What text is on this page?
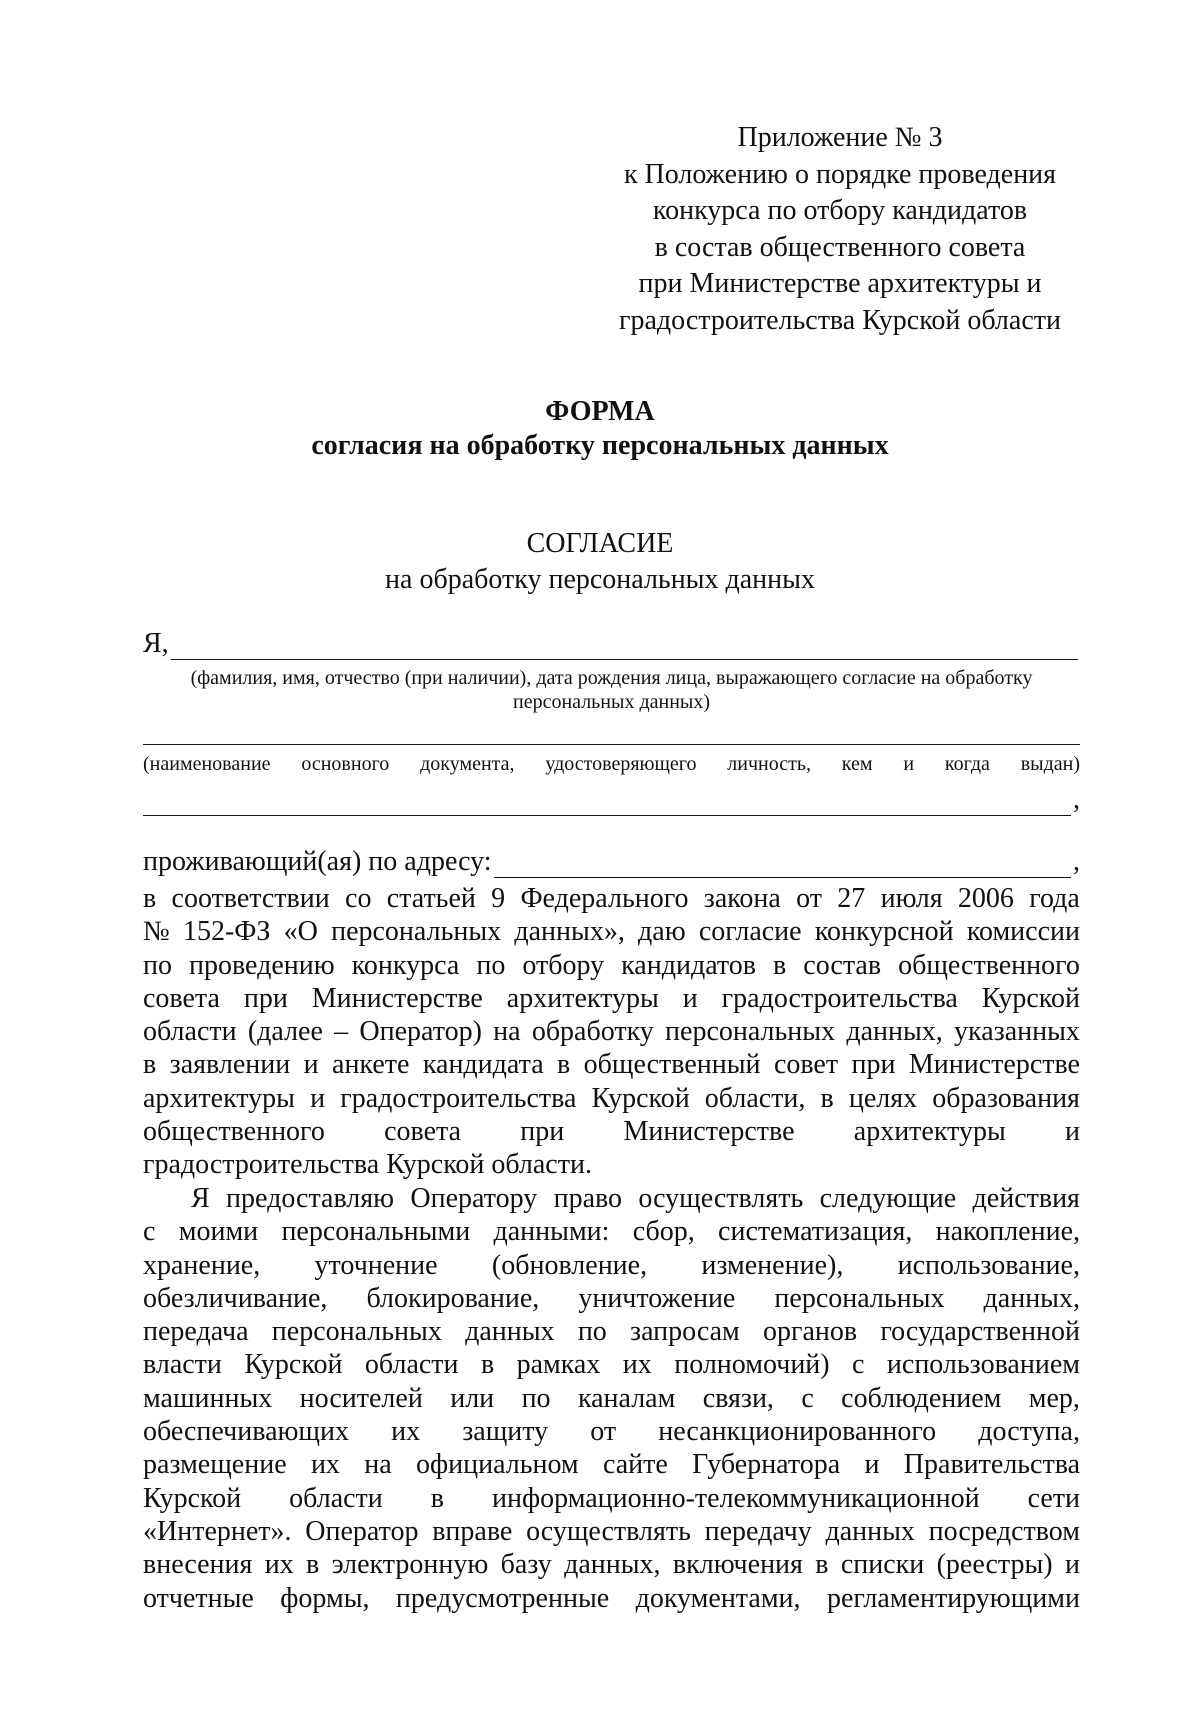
Приложение № 3
к Положению о порядке проведения
конкурса по отбору кандидатов
в состав общественного совета
при Министерстве архитектуры и
градостроительства Курской области
ФОРМА
согласия на обработку персональных данных
СОГЛАСИЕ
на обработку персональных данных
Я,
(фамилия, имя, отчество (при наличии), дата рождения лица, выражающего согласие на обработку персональных данных)
(наименование основного документа, удостоверяющего личность, кем и когда выдан)
,
проживающий(ая) по адресу:	,
в соответствии со статьей 9 Федерального закона от 27 июля 2006 года
№ 152-ФЗ «О персональных данных», даю согласие конкурсной комиссии
по проведению конкурса по отбору кандидатов в состав общественного
совета при Министерстве архитектуры и градостроительства Курской
области (далее – Оператор) на обработку персональных данных, указанных
в заявлении и анкете кандидата в общественный совет при Министерстве
архитектуры и градостроительства Курской области, в целях образования
общественного совета при Министерстве архитектуры и
градостроительства Курской области.
Я предоставляю Оператору право осуществлять следующие действия
с моими персональными данными: сбор, систематизация, накопление,
хранение, уточнение (обновление, изменение), использование,
обезличивание, блокирование, уничтожение персональных данных,
передача персональных данных по запросам органов государственной
власти Курской области в рамках их полномочий) с использованием
машинных носителей или по каналам связи, с соблюдением мер,
обеспечивающих их защиту от несанкционированного доступа,
размещение их на официальном сайте Губернатора и Правительства
Курской области в информационно-телекоммуникационной сети
«Интернет». Оператор вправе осуществлять передачу данных посредством
внесения их в электронную базу данных, включения в списки (реестры) и
отчетные формы, предусмотренные документами, регламентирующими
